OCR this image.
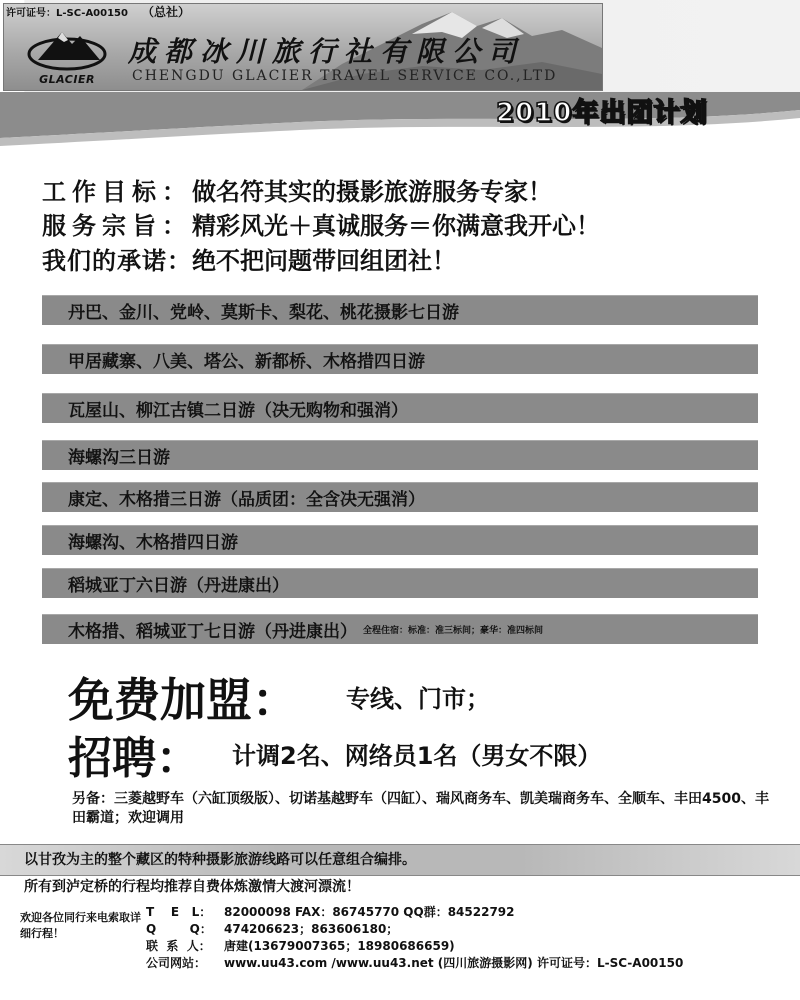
许可证号：L-SC-A00150 （总社）
GLACIER
成都冰川旅行社有限公司
CHENGDU GLACIER TRAVEL SERVICE CO.,LTD
2010年出团计划
工作目标：做名符其实的摄影旅游服务专家！
服务宗旨：精彩风光＋真诚服务＝你满意我开心！
我们的承诺：绝不把问题带回组团社！
丹巴、金川、党岭、莫斯卡、梨花、桃花摄影七日游
甲居藏寨、八美、塔公、新都桥、木格措四日游
瓦屋山、柳江古镇二日游（决无购物和强消）
海螺沟三日游
康定、木格措三日游（品质团：全含决无强消）
海螺沟、木格措四日游
稻城亚丁六日游（丹进康出）
木格措、稻城亚丁七日游（丹进康出） 全程住宿：标准：准三标间；豪华：准四标间
免费加盟： 专线、门市；
招聘： 计调2名、网络员1名（男女不限）
另备：三菱越野车（六缸顶级版）、切诺基越野车（四缸）、瑞风商务车、凯美瑞商务车、全顺车、丰田4500、丰田霸道；欢迎调用
以甘孜为主的整个藏区的特种摄影旅游线路可以任意组合编排。
所有到泸定桥的行程均推荐自费体炼激情大渡河漂流！
欢迎各位同行来电索取详细行程！
T    E   L： 82000098 FAX：86745770 QQ群：84522792
Q        Q： 474206623；863606180；
联  系  人： 唐建(13679007365；18980686659)
公司网站： www.uu43.com /www.uu43.net (四川旅游摄影网) 许可证号：L-SC-A00150
